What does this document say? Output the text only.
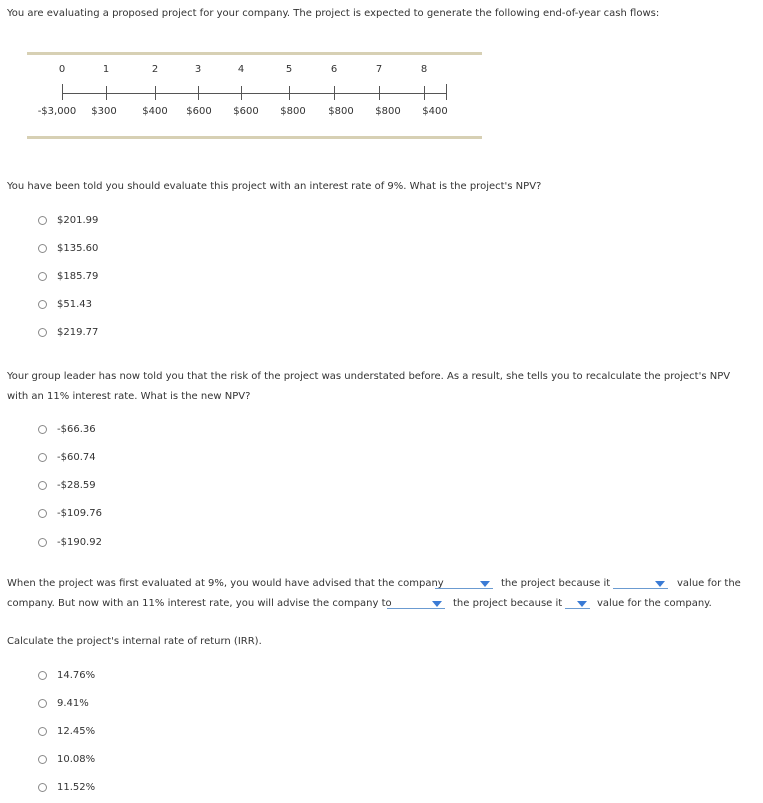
You are evaluating a proposed project for your company. The project is expected to generate the following end-of-year cash flows:
0	1	2	3	4	5	6	7	8
-$3,000	$300	$400	$600	$600	$800	$800	$800	$400
You have been told you should evaluate this project with an interest rate of 9%. What is the project's NPV?
$201.99
$135.60
$185.79
$51.43
$219.77
Your group leader has now told you that the risk of the project was understated before. As a result, she tells you to recalculate the project's NPV with an 11% interest rate. What is the new NPV?
-$66.36
-$60.74
-$28.59
-$109.76
-$190.92
When the project was first evaluated at 9%, you would have advised that the company	the project because it	value for the
company. But now with an 11% interest rate, you will advise the company to	the project because it	value for the company.
Calculate the project's internal rate of return (IRR).
14.76%
9.41%
12.45%
10.08%
11.52%
